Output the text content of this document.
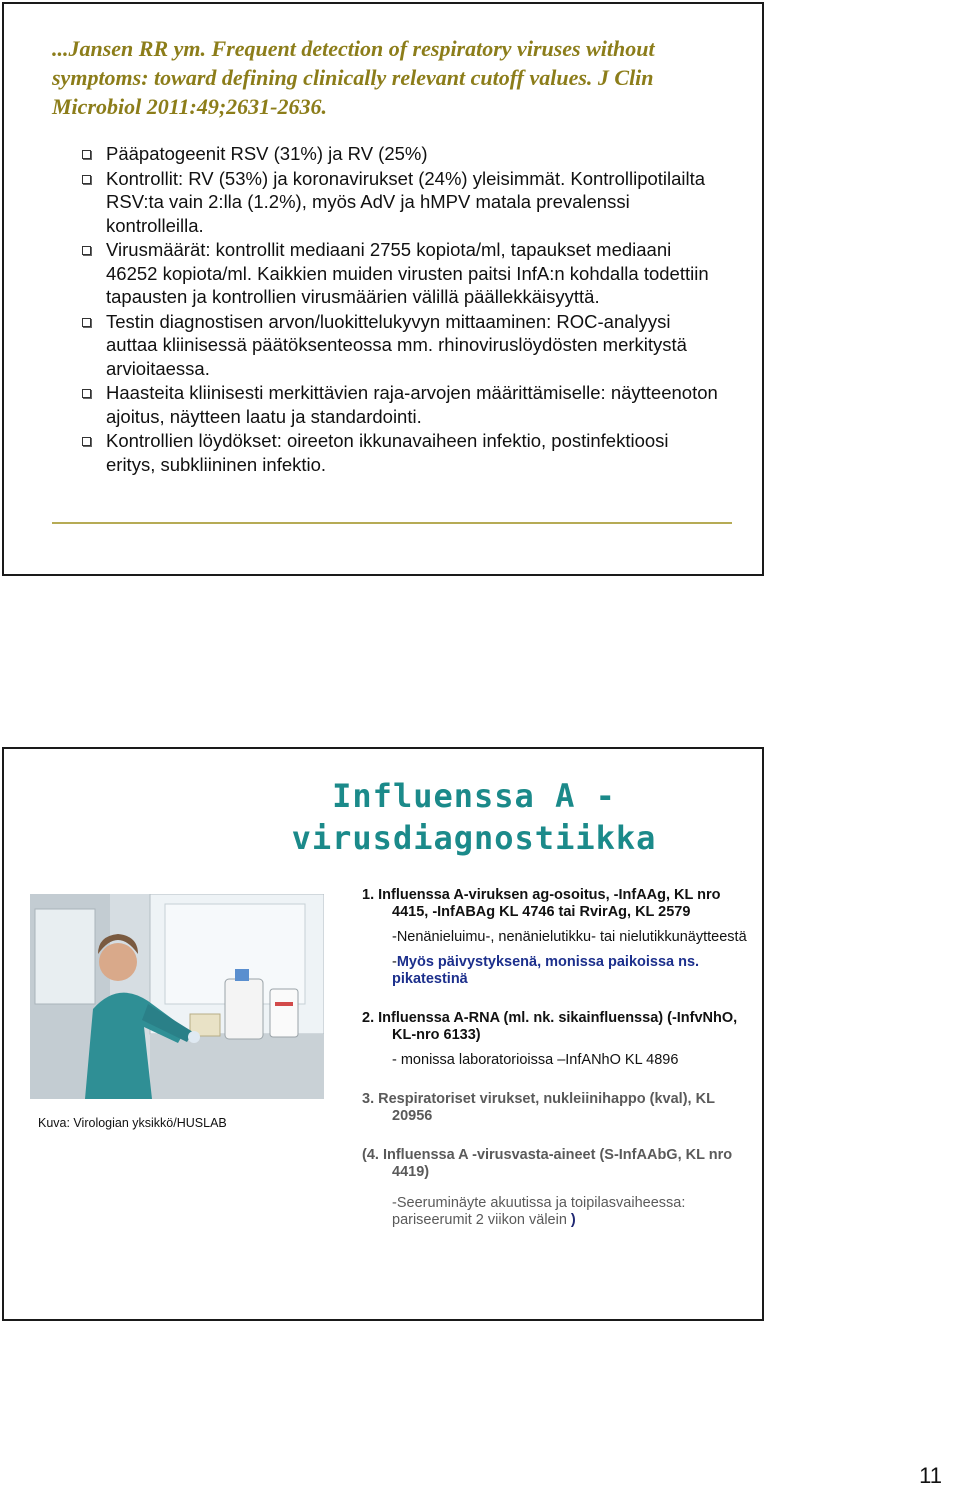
...Jansen RR ym. Frequent detection of respiratory viruses without symptoms: toward defining clinically relevant cutoff values. J Clin Microbiol 2011:49;2631-2636.
Pääpatogeenit RSV (31%) ja RV (25%)
Kontrollit: RV (53%) ja koronavirukset (24%) yleisimmät. Kontrollipotilailta RSV:ta vain 2:lla (1.2%), myös AdV ja hMPV matala prevalenssi kontrolleilla.
Virusmäärät: kontrollit mediaani 2755 kopiota/ml, tapaukset mediaani 46252 kopiota/ml. Kaikkien muiden virusten paitsi InfA:n kohdalla todettiin tapausten ja kontrollien virusmäärien välillä päällekkäisyyttä.
Testin diagnostisen arvon/luokittelukyvyn mittaaminen: ROC-analyysi auttaa kliinisessä päätöksenteossa mm. rhinoviruslöydösten merkitystä arvioitaessa.
Haasteita kliinisesti merkittävien raja-arvojen määrittämiselle: näytteenoton ajoitus, näytteen laatu ja standardointi.
Kontrollien löydökset: oireeton ikkunavaiheen infektio, postinfektioosi eritys, subkliininen infektio.
Influenssa A - virusdiagnostiikka
Kuva: Virologian yksikkö/HUSLAB

1. Influenssa A-viruksen ag-osoitus, -InfAAg, KL nro 4415, -InfABAg KL 4746 tai RvirAg, KL 2579

-Nenänieluimu-, nenänielutikku- tai nielutikkunäytteestä

-Myös päivystyksenä, monissa paikoissa ns. pikatestinä

2. Influenssa A-RNA (ml. nk. sikainfluenssa) (-InfvNhO, KL-nro 6133)

- monissa laboratorioissa –InfANhO KL 4896

3. Respiratoriset virukset, nukleiinihappo (kval), KL 20956

(4. Influenssa A -virusvasta-aineet (S-InfAAbG, KL nro 4419)

-Seeruminäyte akuutissa ja toipilasvaiheessa: pariseerumit 2 viikon välein )

11
